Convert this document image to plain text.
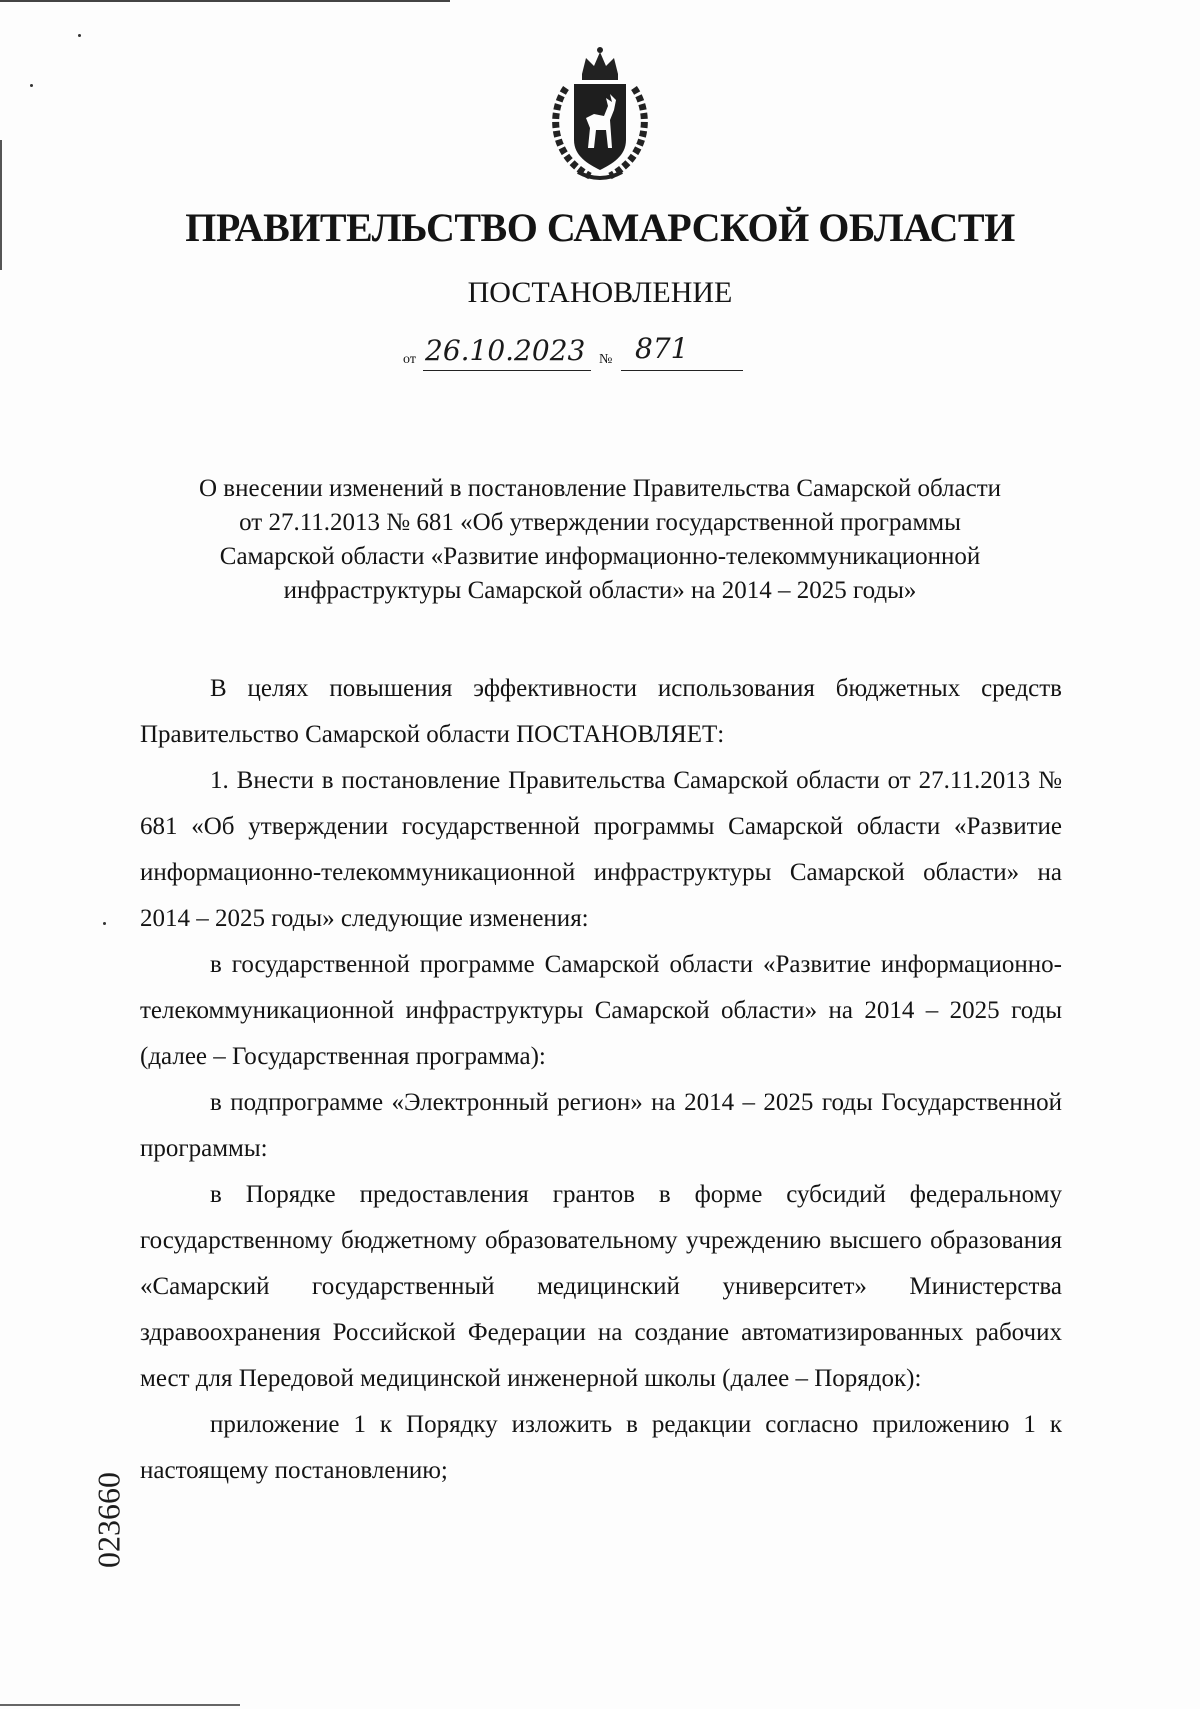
ПРАВИТЕЛЬСТВО САМАРСКОЙ ОБЛАСТИ
ПОСТАНОВЛЕНИЕ
от 26.10.2023 № 871
О внесении изменений в постановление Правительства Самарской области
от 27.11.2013 № 681 «Об утверждении государственной программы
Самарской области «Развитие информационно-телекоммуникационной
инфраструктуры Самарской области» на 2014 – 2025 годы»

В целях повышения эффективности использования бюджетных средств Правительство Самарской области ПОСТАНОВЛЯЕТ:

1. Внести в постановление Правительства Самарской области от 27.11.2013 № 681 «Об утверждении государственной программы Самарской области «Развитие информационно-телекоммуникационной инфраструктуры Самарской области» на 2014 – 2025 годы» следующие изменения:

в государственной программе Самарской области «Развитие информационно-телекоммуникационной инфраструктуры Самарской области» на 2014 – 2025 годы (далее – Государственная программа):

в подпрограмме «Электронный регион» на 2014 – 2025 годы Государственной программы:

в Порядке предоставления грантов в форме субсидий федеральному государственному бюджетному образовательному учреждению высшего образования «Самарский государственный медицинский университет» Министерства здравоохранения Российской Федерации на создание автоматизированных рабочих мест для Передовой медицинской инженерной школы (далее – Порядок):

приложение 1 к Порядку изложить в редакции согласно приложению 1 к настоящему постановлению;

023660
